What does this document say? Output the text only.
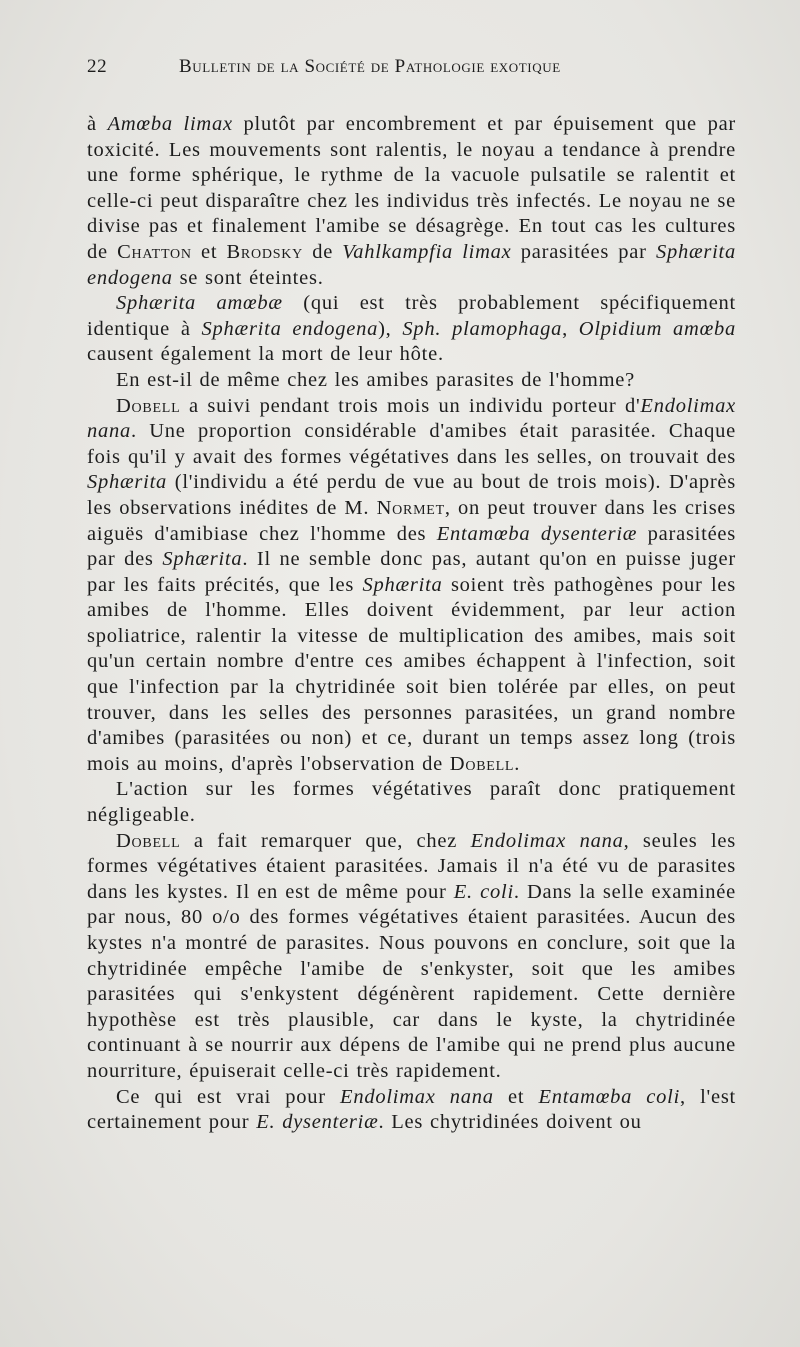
22	Bulletin de la Société de Pathologie exotique

à Amœba limax plutôt par encombrement et par épuisement que par toxicité. Les mouvements sont ralentis, le noyau a tendance à prendre une forme sphérique, le rythme de la vacuole pulsatile se ralentit et celle-ci peut disparaître chez les individus très infectés. Le noyau ne se divise pas et finalement l'amibe se désagrège. En tout cas les cultures de Chatton et Brodsky de Vahlkampfia limax parasitées par Sphærita endogena se sont éteintes.

Sphærita amœbæ (qui est très probablement spécifiquement identique à Sphærita endogena), Sph. plamophaga, Olpidium amœba causent également la mort de leur hôte.

En est-il de même chez les amibes parasites de l'homme?

Dobell a suivi pendant trois mois un individu porteur d'Endolimax nana. Une proportion considérable d'amibes était parasitée. Chaque fois qu'il y avait des formes végétatives dans les selles, on trouvait des Sphærita (l'individu a été perdu de vue au bout de trois mois). D'après les observations inédites de M. Normet, on peut trouver dans les crises aiguës d'amibiase chez l'homme des Entamœba dysenteriæ parasitées par des Sphærita. Il ne semble donc pas, autant qu'on en puisse juger par les faits précités, que les Sphærita soient très pathogènes pour les amibes de l'homme. Elles doivent évidemment, par leur action spoliatrice, ralentir la vitesse de multiplication des amibes, mais soit qu'un certain nombre d'entre ces amibes échappent à l'infection, soit que l'infection par la chytridinée soit bien tolérée par elles, on peut trouver, dans les selles des personnes parasitées, un grand nombre d'amibes (parasitées ou non) et ce, durant un temps assez long (trois mois au moins, d'après l'observation de Dobell.

L'action sur les formes végétatives paraît donc pratiquement négligeable.

Dobell a fait remarquer que, chez Endolimax nana, seules les formes végétatives étaient parasitées. Jamais il n'a été vu de parasites dans les kystes. Il en est de même pour E. coli. Dans la selle examinée par nous, 80 o/o des formes végétatives étaient parasitées. Aucun des kystes n'a montré de parasites. Nous pouvons en conclure, soit que la chytridinée empêche l'amibe de s'enkyster, soit que les amibes parasitées qui s'enkystent dégénèrent rapidement. Cette dernière hypothèse est très plausible, car dans le kyste, la chytridinée continuant à se nourrir aux dépens de l'amibe qui ne prend plus aucune nourriture, épuiserait celle-ci très rapidement.

Ce qui est vrai pour Endolimax nana et Entamœba coli, l'est certainement pour E. dysenteriæ. Les chytridinées doivent ou
